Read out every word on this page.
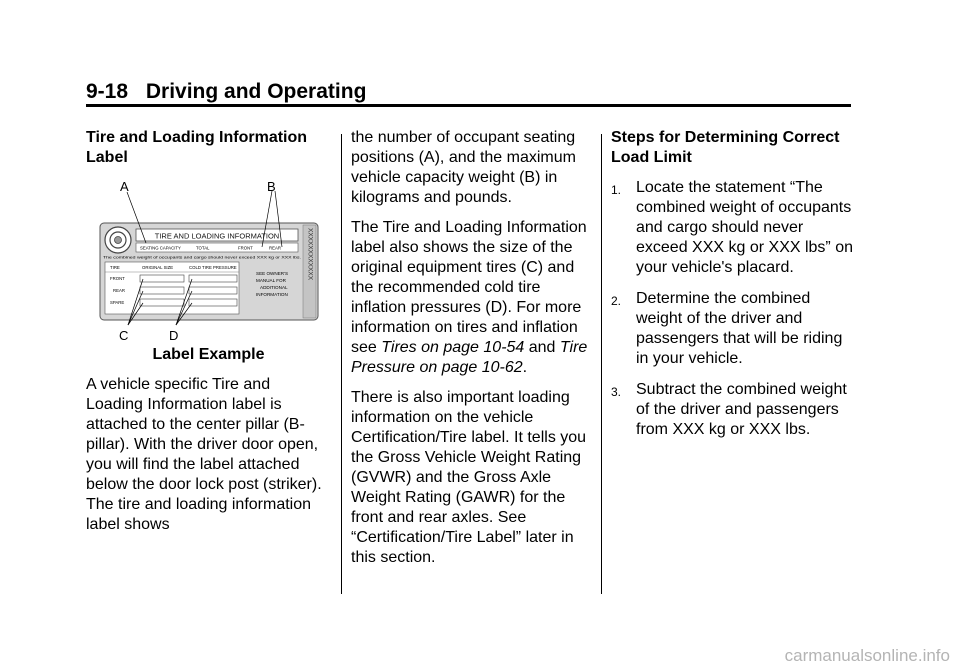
9-18 Driving and Operating

Tire and Loading Information Label

XXXXXXXXXXXX
TIRE AND LOADING INFORMATION
SEATING CAPACITY	TOTAL	FRONT	REAR
The combined weight of occupants and cargo should never exceed XXX kg or XXX lbs.
TIRE	ORIGINAL SIZE	COLD TIRE PRESSURE
FRONT
REAR
SPARE
SEE OWNER'S
MANUAL FOR
ADDITIONAL
INFORMATION
A	B
C	D

Label Example

A vehicle specific Tire and Loading Information label is attached to the center pillar (B-pillar). With the driver door open, you will find the label attached below the door lock post (striker). The tire and loading information label shows

the number of occupant seating positions (A), and the maximum vehicle capacity weight (B) in kilograms and pounds.

The Tire and Loading Information label also shows the size of the original equipment tires (C) and the recommended cold tire inflation pressures (D). For more information on tires and inflation see Tires on page 10-54 and Tire Pressure on page 10-62.

There is also important loading information on the vehicle Certification/Tire label. It tells you the Gross Vehicle Weight Rating (GVWR) and the Gross Axle Weight Rating (GAWR) for the front and rear axles. See “Certification/Tire Label” later in this section.

Steps for Determining Correct Load Limit

1. Locate the statement “The combined weight of occupants and cargo should never exceed XXX kg or XXX lbs” on your vehicle's placard.
2. Determine the combined weight of the driver and passengers that will be riding in your vehicle.
3. Subtract the combined weight of the driver and passengers from XXX kg or XXX lbs.
carmanualsonline.info
